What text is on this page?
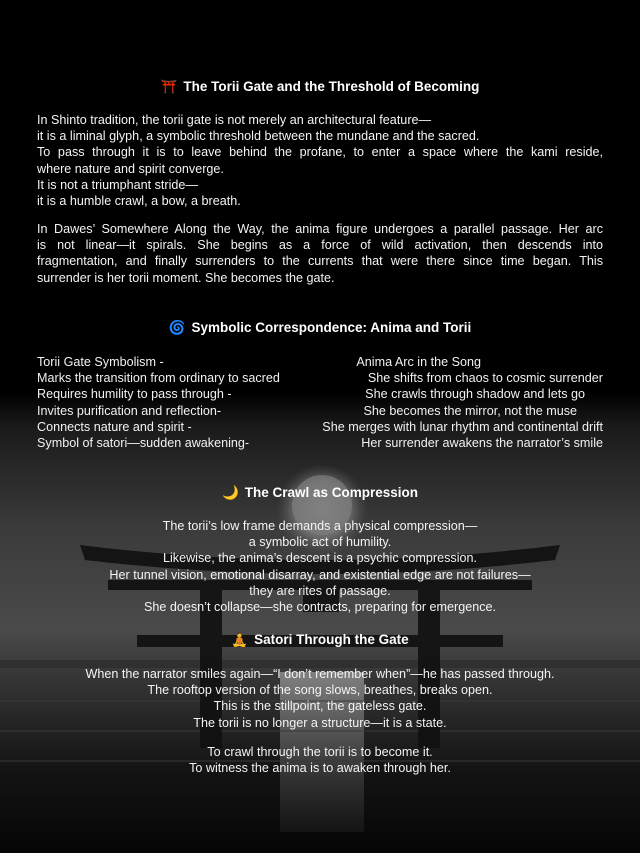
⛩️ The Torii Gate and the Threshold of Becoming
In Shinto tradition, the torii gate is not merely an architectural feature—
it is a liminal glyph, a symbolic threshold between the mundane and the sacred.
To pass through it is to leave behind the profane, to enter a space where the kami reside,
where nature and spirit converge.
It is not a triumphant stride—
it is a humble crawl, a bow, a breath.
In Dawes’ Somewhere Along the Way, the anima figure undergoes a parallel passage. Her arc
is not linear—it spirals. She begins as a force of wild activation, then descends into
fragmentation, and finally surrenders to the currents that were there since time began. This
surrender is her torii moment. She becomes the gate.
🌀 Symbolic Correspondence: Anima and Torii
Torii Gate Symbolism -	Anima Arc in the Song
Marks the transition from ordinary to sacred	She shifts from chaos to cosmic surrender
Requires humility to pass through -	She crawls through shadow and lets go
Invites purification and reflection-	She becomes the mirror, not the muse
Connects nature and spirit -	She merges with lunar rhythm and continental drift
Symbol of satori—sudden awakening-	Her surrender awakens the narrator’s smile
🌙 The Crawl as Compression
The torii’s low frame demands a physical compression—
a symbolic act of humility.
Likewise, the anima’s descent is a psychic compression.
Her tunnel vision, emotional disarray, and existential edge are not failures—
they are rites of passage.
She doesn’t collapse—she contracts, preparing for emergence.
🧘 Satori Through the Gate
When the narrator smiles again—“I don’t remember when”—he has passed through.
The rooftop version of the song slows, breathes, breaks open.
This is the stillpoint, the gateless gate.
The torii is no longer a structure—it is a state.
To crawl through the torii is to become it.
To witness the anima is to awaken through her.
